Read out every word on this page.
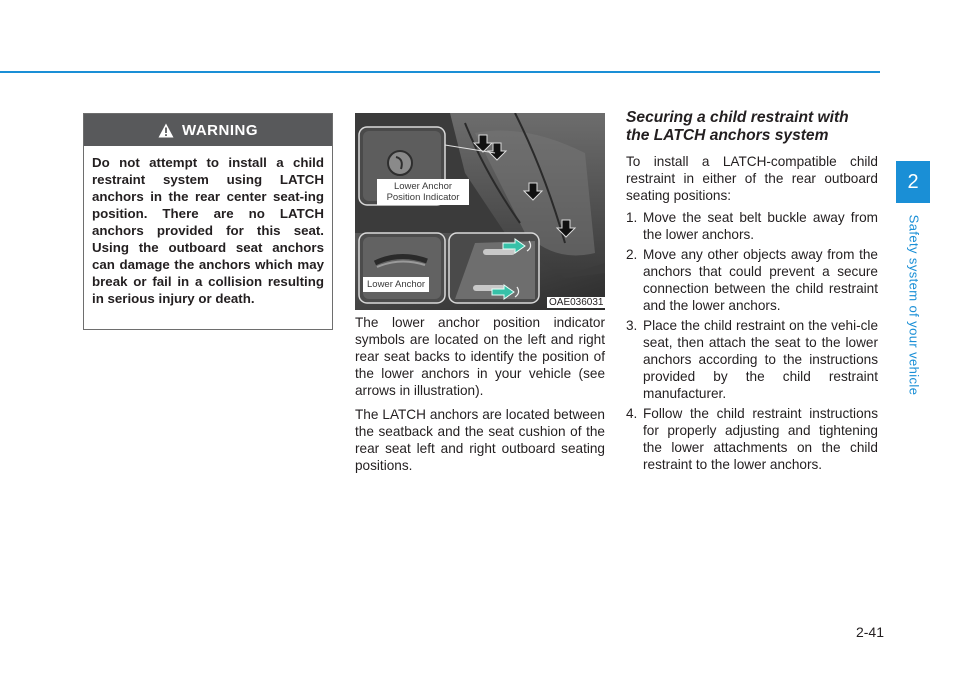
2
Safety system of your vehicle
WARNING
Do not attempt to install a child restraint system using LATCH anchors in the rear center seat-ing position. There are no LATCH anchors provided for this seat. Using the outboard seat anchors can damage the anchors which may break or fail in a collision resulting in serious injury or death.
Lower Anchor Position Indicator
Lower Anchor
OAE036031

The lower anchor position indicator symbols are located on the left and right rear seat backs to identify the position of the lower anchors in your vehicle (see arrows in illustration).

The LATCH anchors are located between the seatback and the seat cushion of the rear seat left and right outboard seating positions.

Securing a child restraint with
the LATCH anchors system

To install a LATCH-compatible child restraint in either of the rear outboard seating positions:

1. Move the seat belt buckle away from the lower anchors.
2. Move any other objects away from the anchors that could prevent a secure connection between the child restraint and the lower anchors.
3. Place the child restraint on the vehi-cle seat, then attach the seat to the lower anchors according to the instructions provided by the child restraint manufacturer.
4. Follow the child restraint instructions for properly adjusting and tightening the lower attachments on the child restraint to the lower anchors.
2-41
